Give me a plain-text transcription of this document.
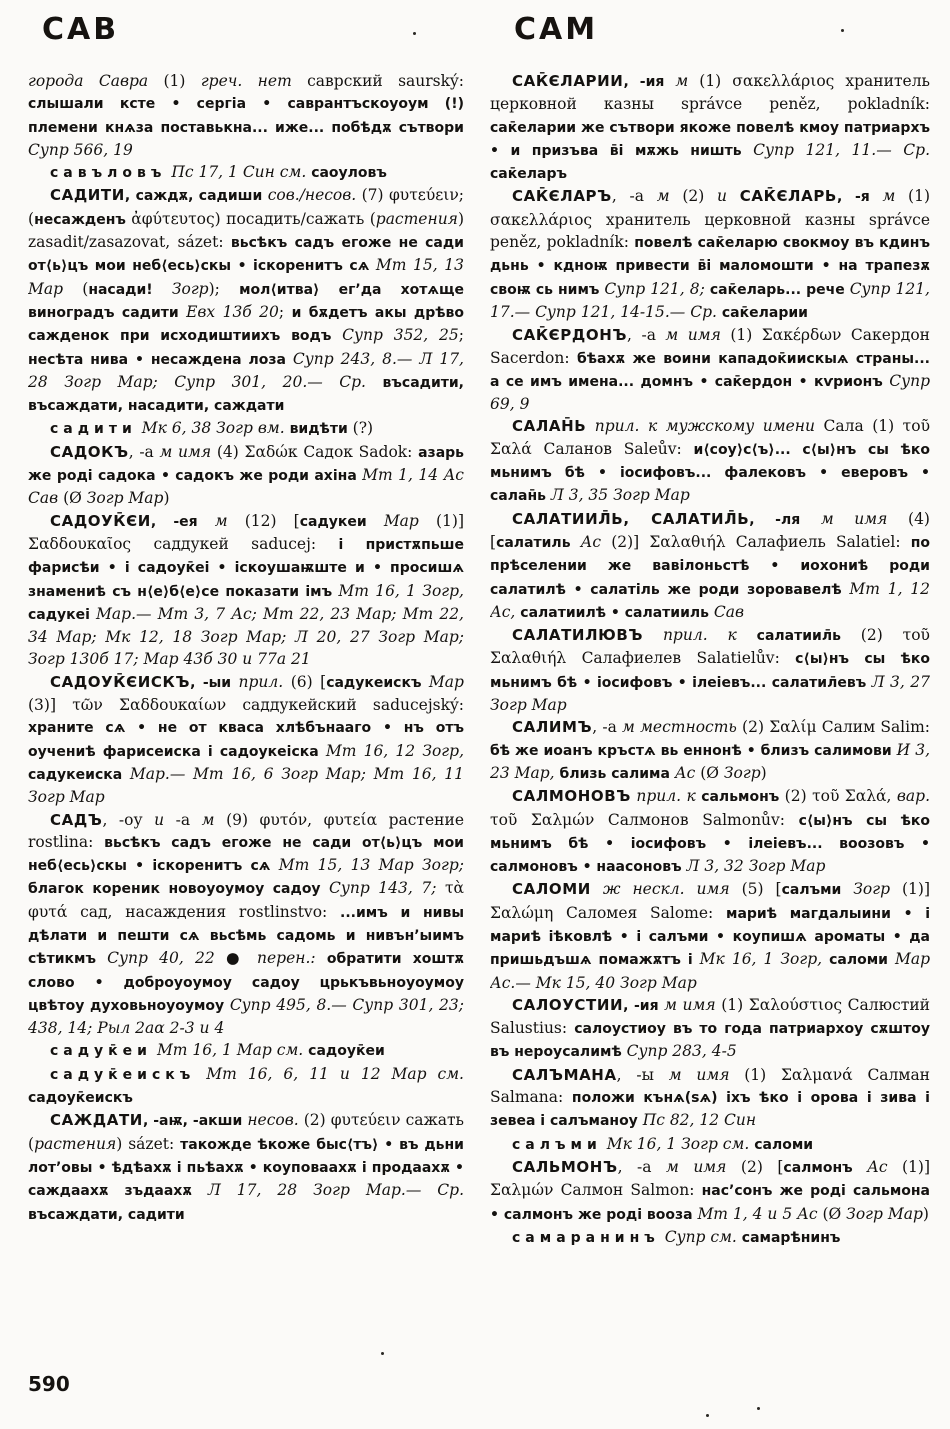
САВ	САМ

города Савра (1) греч. нет саврский saurský: слышали ксте • сергіа • саврантъскоуоум (!) племени кнѧза поставькна... иже... побѣдѫ сътвори Супр 566, 19

савъловъ Пс 17, 1 Син см. саоуловъ

САДИТИ, саждѫ, садиши сов./несов. (7) φυτεύειν; (несажденъ ἀφύτευτος) посадить/сажать (растения) zasadit/zasazovat, sázet: вьсѣкъ садъ егоже не сади от⟨ь⟩цъ мои неб⟨есь⟩скы • іскоренитъ сѧ Мт 15, 13 Мар (насади! Зогр); мол⟨итва⟩ ег’да хотѧще виноградъ садити Евх 13б 20; и бѫдетъ акы дрѣво сажденок при исходиштиихъ водъ Супр 352, 25; несѣта нива • несаждена лоза Супр 243, 8.— Л 17, 28 Зогр Мар; Супр 301, 20.— Ср. въсадити, въсаждати, насадити, саждати

садити Мк 6, 38 Зогр вм. видѣти (?)

САДОКЪ, -а м имя (4) Σαδώκ Садок Sadok: азарь же роді садока • садокъ же роди ахіна Мт 1, 14 Ас Сав (Ø Зогр Мар)

САДОУК̄ЄИ, -ея м (12) [садукеи Мар (1)] Σαδδουκαῖος саддукей saducej: і пристѫпьше фарисѣи • і садоук̄еі • іскоушаѭште и • просишѧ знамениѣ съ н⟨е⟩б⟨е⟩се показати імъ Мт 16, 1 Зогр, садукеі Мар.— Мт 3, 7 Ас; Мт 22, 23 Мар; Мт 22, 34 Мар; Мк 12, 18 Зогр Мар; Л 20, 27 Зогр Мар; Зогр 130б 17; Мар 43б 30 и 77а 21

САДОУК̄ЄИСКЪ, -ыи прил. (6) [садукеискъ Мар (3)] τῶν Σαδδουκαίων саддукейский saducejský: храните сѧ • не от кваса хлѣбънааго • нъ отъ оучениѣ фарисеиска і садоукеіска Мт 16, 12 Зогр, садукеиска Мар.— Мт 16, 6 Зогр Мар; Мт 16, 11 Зогр Мар

САДЪ, -оу и -а м (9) φυτόν, φυτεία растение rostlina: вьсѣкъ садъ егоже не сади от⟨ь⟩цъ мои неб⟨есь⟩скы • іскоренитъ сѧ Мт 15, 13 Мар Зогр; благок кореник новоуоумоу садоу Супр 143, 7; τὰ φυτά сад, насаждения rostlinstvo: ...имъ и нивы дѣлати и пешти сѧ вьсѣмь садомь и нивън’ыимъ сѣтикмъ Супр 40, 22 ● перен.: обратити хоштѫ слово • доброуоумоу садоу црькъвьноуоумоу цвѣтоу духовьноуоумоу Супр 495, 8.— Супр 301, 23; 438, 14; Рыл 2аα 2-3 и 4

садук̄еи Мт 16, 1 Мар см. садоук̄еи

садук̄еискъ Мт 16, 6, 11 и 12 Мар см. садоук̄еискъ

САЖДАТИ, -аѭ, -акши несов. (2) φυτεύειν сажать (растения) sázet: такожде ѣкоже быс⟨тъ⟩ • въ дьни лот’овы • ѣдѣахѫ і пьѣахѫ • коуповаахѫ і продаахѫ • саждаахѫ зъдаахѫ Л 17, 28 Зогр Мар.— Ср. въсаждати, садити

САК̄ЄЛАРИИ, -ия м (1) σακελλάριος хранитель церковной казны správce peněz, pokladník: сак̄еларии же сътвори якоже повелѣ кмоу патриархъ • и призъва в̄і мѫжь ништь Супр 121, 11.— Ср. сак̄еларъ

САК̄ЄЛАРЪ, -а м (2) и САК̄ЄЛАРЬ, -я м (1) σακελλάριος хранитель церковной казны správce peněz, pokladník: повелѣ сак̄еларю свокмоу въ кдинъ дьнь • кдноѭ привести в̄і маломошти • на трапезѫ своѭ сь нимъ Супр 121, 8; сак̄еларь... рече Супр 121, 17.— Супр 121, 14-15.— Ср. сак̄еларии

САК̄ЄРДОНЪ, -а м имя (1) Σακέρδων Сакердон Sacerdon: бѣахѫ же воини кападок̄иискыѧ страны... а се имъ имена... домнъ • сак̄ердон • кѵрионъ Супр 69, 9

САЛАН̄Ь прил. к мужскому имени Сала (1) τοῦ Σαλά Саланов Saleův: и⟨соу⟩с⟨ъ⟩... с⟨ы⟩нъ сы ѣко мьнимъ бѣ • іосифовъ... фалековъ • еверовъ • салан̄ь Л 3, 35 Зогр Мар

САЛАТИИЛ̄Ь, САЛАТИЛ̄Ь, -ля м имя (4) [салатиль Ас (2)] Σαλαθιήλ Салафиель Salatiel: по прѣселении же вавілоньстѣ • иохониѣ роди салатилѣ • салатіль же роди зоровавелѣ Мт 1, 12 Ас, салатиилѣ • салатииль Сав

САЛАТИЛЮВЪ прил. к салатиил̄ь (2) τοῦ Σαλαθιήλ Салафиелев Salatielův: с⟨ы⟩нъ сы ѣко мьнимъ бѣ • іосифовъ • ілеіевъ... салатил̄евъ Л 3, 27 Зогр Мар

САЛИМЪ, -а м местность (2) Σαλίμ Салим Salim: бѣ же иоанъ кръстѧ вь еннонѣ • близъ салимови И 3, 23 Мар, близь салима Ас (Ø Зогр)

САЛМОНОВЪ прил. к сальмонъ (2) τοῦ Σαλά, вар. τοῦ Σαλμών Салмонов Salmonův: с⟨ы⟩нъ сы ѣко мьнимъ бѣ • іосифовъ • ілеіевъ... воозовъ • салмоновъ • наасоновъ Л 3, 32 Зогр Мар

САЛОМИ ж нескл. имя (5) [салъми Зогр (1)] Σαλώμη Саломея Salome: мариѣ магдалыини • і мариѣ іѣковлѣ • і салъми • коупишѧ ароматы • да пришьдъшѧ помажѫтъ і Мк 16, 1 Зогр, саломи Мар Ас.— Мк 15, 40 Зогр Мар

САЛОУСТИИ, -ия м имя (1) Σαλούστιος Салюстий Salustius: салоустиоу въ то года патриархоу сѫштоу въ нероусалимѣ Супр 283, 4-5

САЛЪМАНА, -ы м имя (1) Σαλμανά Салман Salmana: положи кънѧ(ѕѧ) іхъ ѣко і орова і зива і зевеа і салъманоу Пс 82, 12 Син

салъми Мк 16, 1 Зогр см. саломи

САЛЬМОНЪ, -а м имя (2) [салмонъ Ас (1)] Σαλμών Салмон Salmon: нас’сонъ же роді сальмона • салмонъ же роді вооза Мт 1, 4 и 5 Ас (Ø Зогр Мар)

самаранинъ Супр см. самарѣнинъ

590
